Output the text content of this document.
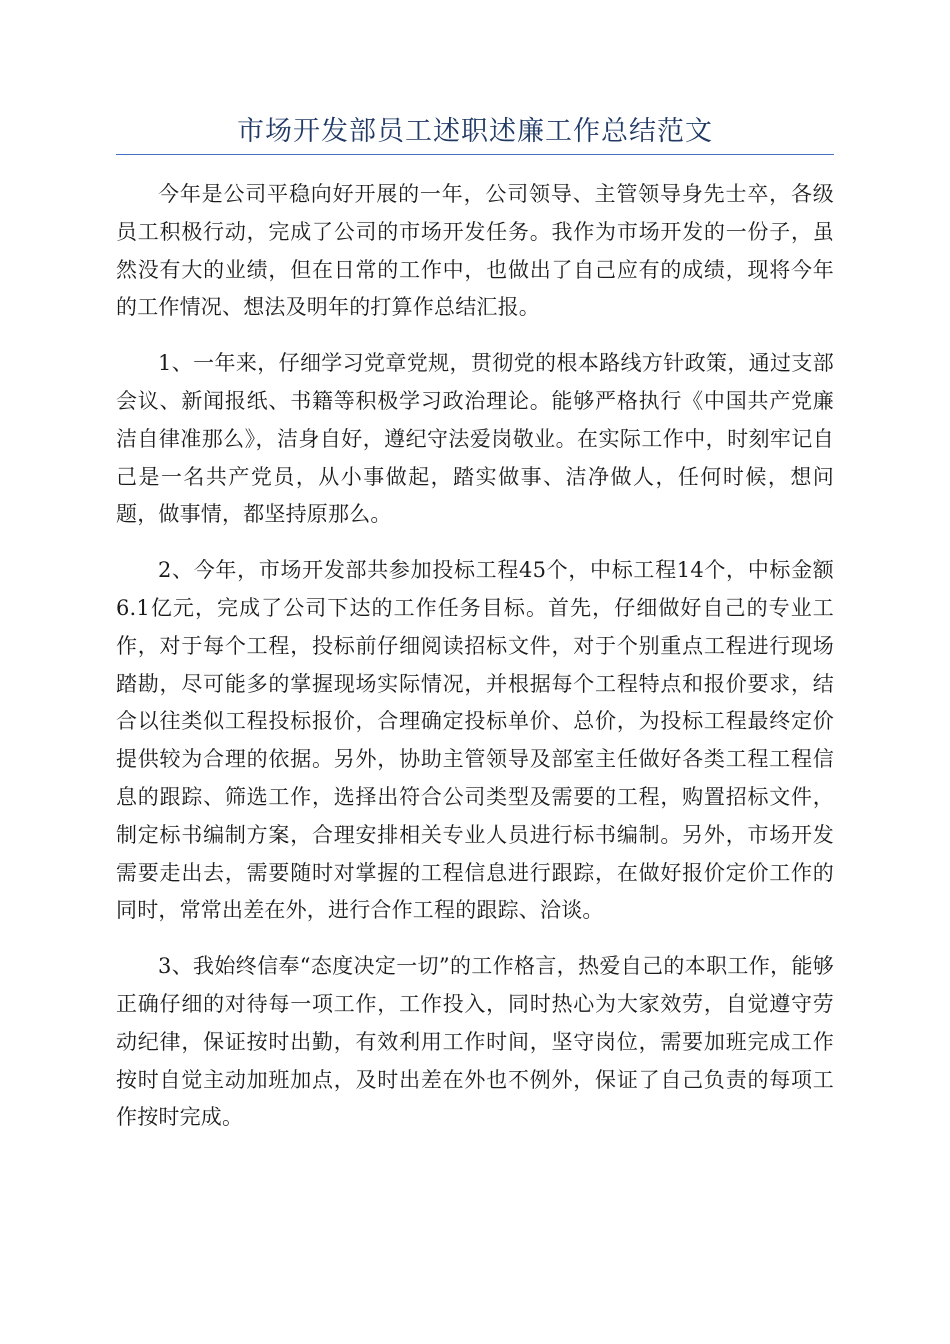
市场开发部员工述职述廉工作总结范文

今年是公司平稳向好开展的一年，公司领导、主管领导身先士卒，各级员工积极行动，完成了公司的市场开发任务。我作为市场开发的一份子，虽然没有大的业绩，但在日常的工作中，也做出了自己应有的成绩，现将今年的工作情况、想法及明年的打算作总结汇报。

1、一年来，仔细学习党章党规，贯彻党的根本路线方针政策，通过支部会议、新闻报纸、书籍等积极学习政治理论。能够严格执行《中国共产党廉洁自律准那么》，洁身自好，遵纪守法爱岗敬业。在实际工作中，时刻牢记自己是一名共产党员，从小事做起，踏实做事、洁净做人，任何时候，想问题，做事情，都坚持原那么。

2、今年，市场开发部共参加投标工程45个，中标工程14个，中标金额6.1亿元，完成了公司下达的工作任务目标。首先，仔细做好自己的专业工作，对于每个工程，投标前仔细阅读招标文件，对于个别重点工程进行现场踏勘，尽可能多的掌握现场实际情况，并根据每个工程特点和报价要求，结合以往类似工程投标报价，合理确定投标单价、总价，为投标工程最终定价提供较为合理的依据。另外，协助主管领导及部室主任做好各类工程工程信息的跟踪、筛选工作，选择出符合公司类型及需要的工程，购置招标文件，制定标书编制方案，合理安排相关专业人员进行标书编制。另外，市场开发需要走出去，需要随时对掌握的工程信息进行跟踪，在做好报价定价工作的同时，常常出差在外，进行合作工程的跟踪、洽谈。

3、我始终信奉“态度决定一切”的工作格言，热爱自己的本职工作，能够正确仔细的对待每一项工作，工作投入，同时热心为大家效劳，自觉遵守劳动纪律，保证按时出勤，有效利用工作时间，坚守岗位，需要加班完成工作按时自觉主动加班加点，及时出差在外也不例外，保证了自己负责的每项工作按时完成。
